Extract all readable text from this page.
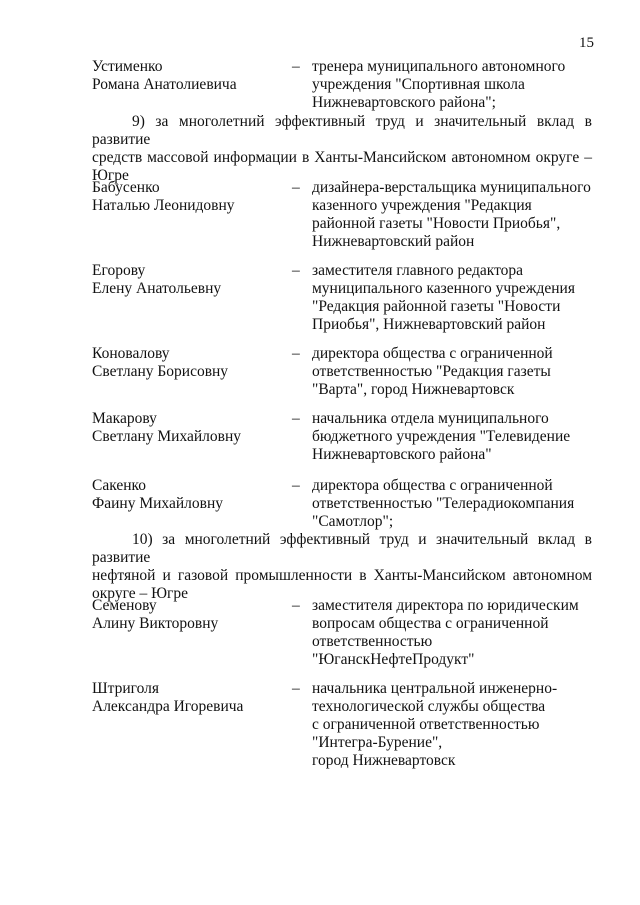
15
Устименко
Романа Анатолиевича
– тренера муниципального автономного
учреждения "Спортивная школа
Нижневартовского района";
9) за многолетний эффективный труд и значительный вклад в развитие
средств массовой информации в Ханты-Мансийском автономном округе –
Югре
Бабусенко
Наталью Леонидовну
– дизайнера-верстальщика муниципального
казенного учреждения "Редакция
районной газеты "Новости Приобья",
Нижневартовский район
Егорову
Елену Анатольевну
– заместителя главного редактора
муниципального казенного учреждения
"Редакция районной газеты "Новости
Приобья", Нижневартовский район
Коновалову
Светлану Борисовну
– директора общества с ограниченной
ответственностью "Редакция газеты
"Варта", город Нижневартовск
Макарову
Светлану Михайловну
– начальника отдела муниципального
бюджетного учреждения "Телевидение
Нижневартовского района"
Сакенко
Фаину Михайловну
– директора общества с ограниченной
ответственностью "Телерадиокомпания
"Самотлор";
10) за многолетний эффективный труд и значительный вклад в развитие
нефтяной и газовой промышленности в Ханты-Мансийском автономном
округе – Югре
Семенову
Алину Викторовну
– заместителя директора по юридическим
вопросам общества с ограниченной
ответственностью
"ЮганскНефтеПродукт"
Штриголя
Александра Игоревича
– начальника центральной инженерно-
технологической службы общества
с ограниченной ответственностью
"Интегра-Бурение",
город Нижневартовск
